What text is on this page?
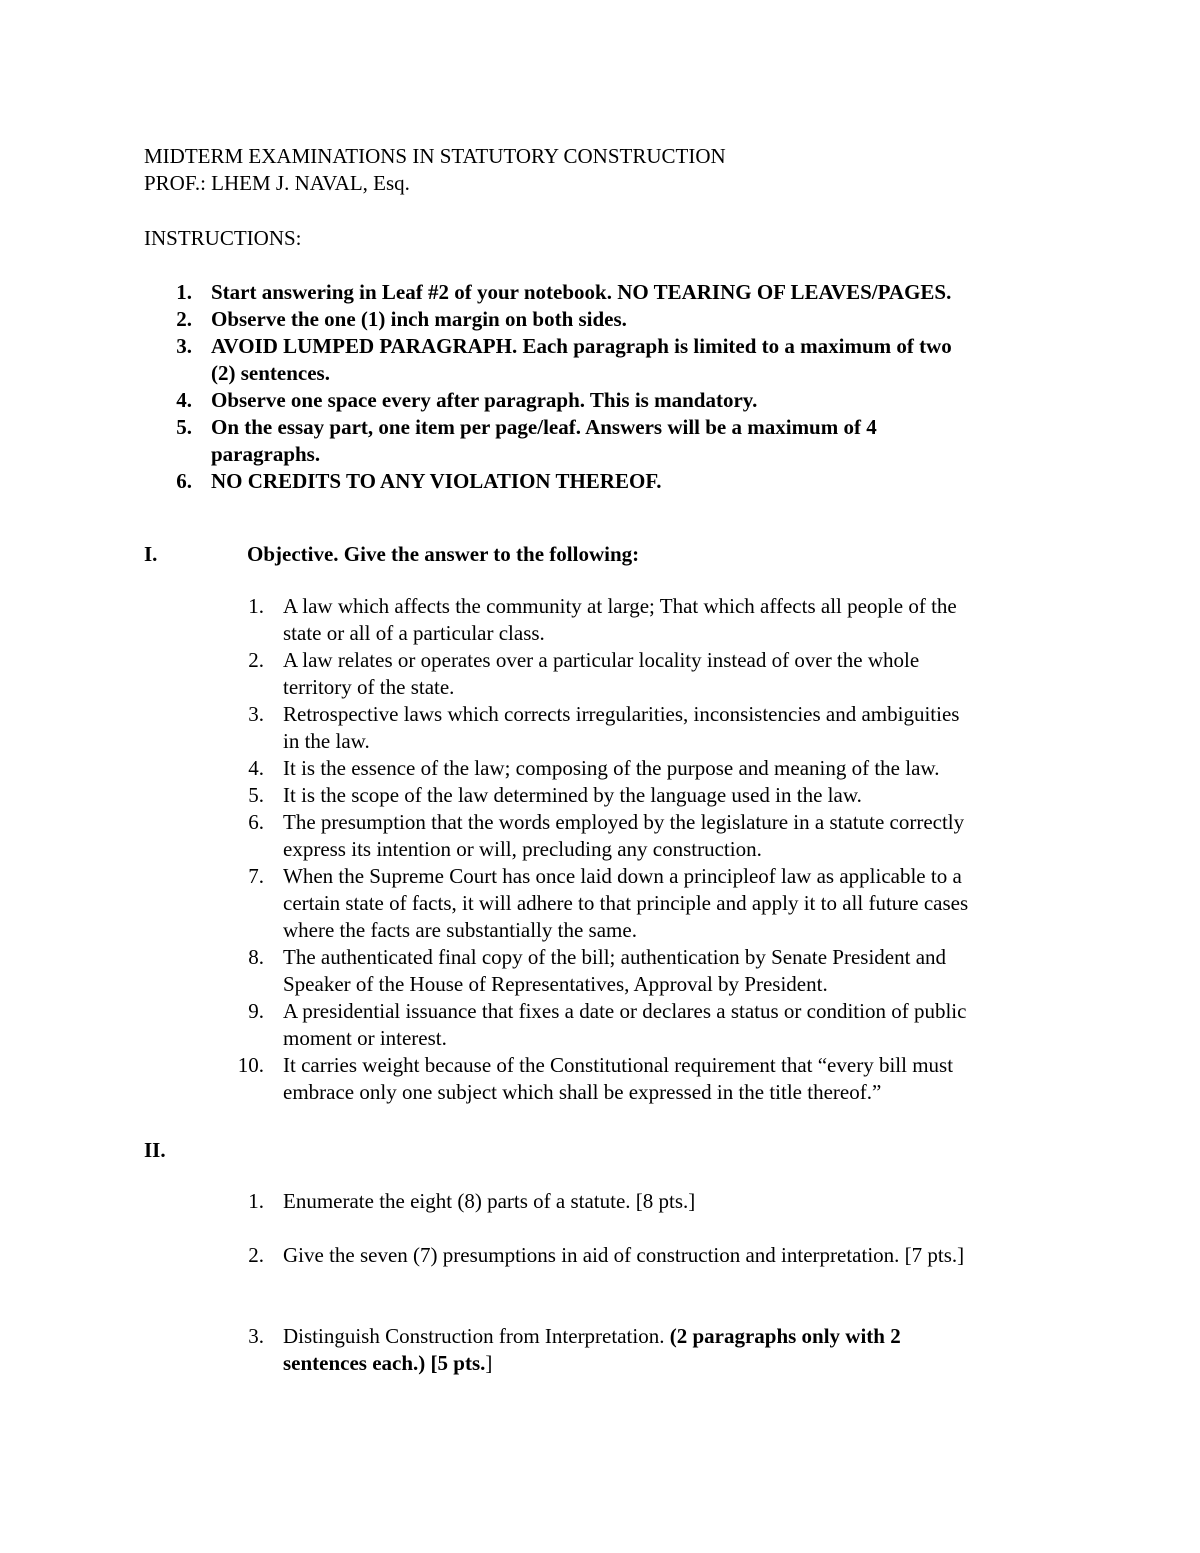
MIDTERM EXAMINATIONS IN STATUTORY CONSTRUCTION
PROF.: LHEM J. NAVAL, Esq.
INSTRUCTIONS:
1. Start answering in Leaf #2 of your notebook. NO TEARING OF LEAVES/PAGES.
2. Observe the one (1) inch margin on both sides.
3. AVOID LUMPED PARAGRAPH. Each paragraph is limited to a maximum of two
(2) sentences.
4. Observe one space every after paragraph. This is mandatory.
5. On the essay part, one item per page/leaf. Answers will be a maximum of 4
paragraphs.
6. NO CREDITS TO ANY VIOLATION THEREOF.
I.	Objective. Give the answer to the following:
1. A law which affects the community at large; That which affects all people of the
state or all of a particular class.
2. A law relates or operates over a particular locality instead of over the whole
territory of the state.
3. Retrospective laws which corrects irregularities, inconsistencies and ambiguities
in the law.
4. It is the essence of the law; composing of the purpose and meaning of the law.
5. It is the scope of the law determined by the language used in the law.
6. The presumption that the words employed by the legislature in a statute correctly
express its intention or will, precluding any construction.
7. When the Supreme Court has once laid down a principleof law as applicable to a
certain state of facts, it will adhere to that principle and apply it to all future cases
where the facts are substantially the same.
8. The authenticated final copy of the bill; authentication by Senate President and
Speaker of the House of Representatives, Approval by President.
9. A presidential issuance that fixes a date or declares a status or condition of public
moment or interest.
10. It carries weight because of the Constitutional requirement that “every bill must
embrace only one subject which shall be expressed in the title thereof.”
II.
1. Enumerate the eight (8) parts of a statute. [8 pts.]
2. Give the seven (7) presumptions in aid of construction and interpretation. [7 pts.]
3. Distinguish Construction from Interpretation. (2 paragraphs only with 2
sentences each.) [5 pts.]
